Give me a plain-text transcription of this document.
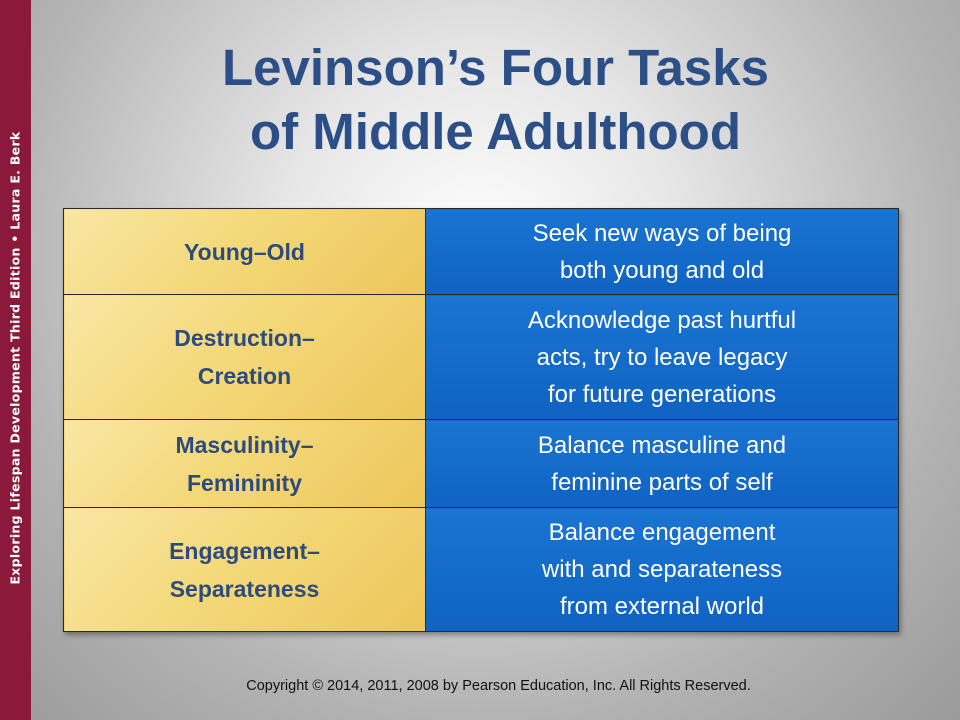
Exploring Lifespan Development Third Edition • Laura E. Berk
Levinson’s Four Tasks
of Middle Adulthood
Young–Old	Seek new ways of being
both young and old
Destruction–
Creation	Acknowledge past hurtful
acts, try to leave legacy
for future generations
Masculinity–
Femininity	Balance masculine and
feminine parts of self
Engagement–
Separateness	Balance engagement
with and separateness
from external world
Copyright © 2014, 2011, 2008 by Pearson Education, Inc. All Rights Reserved.
